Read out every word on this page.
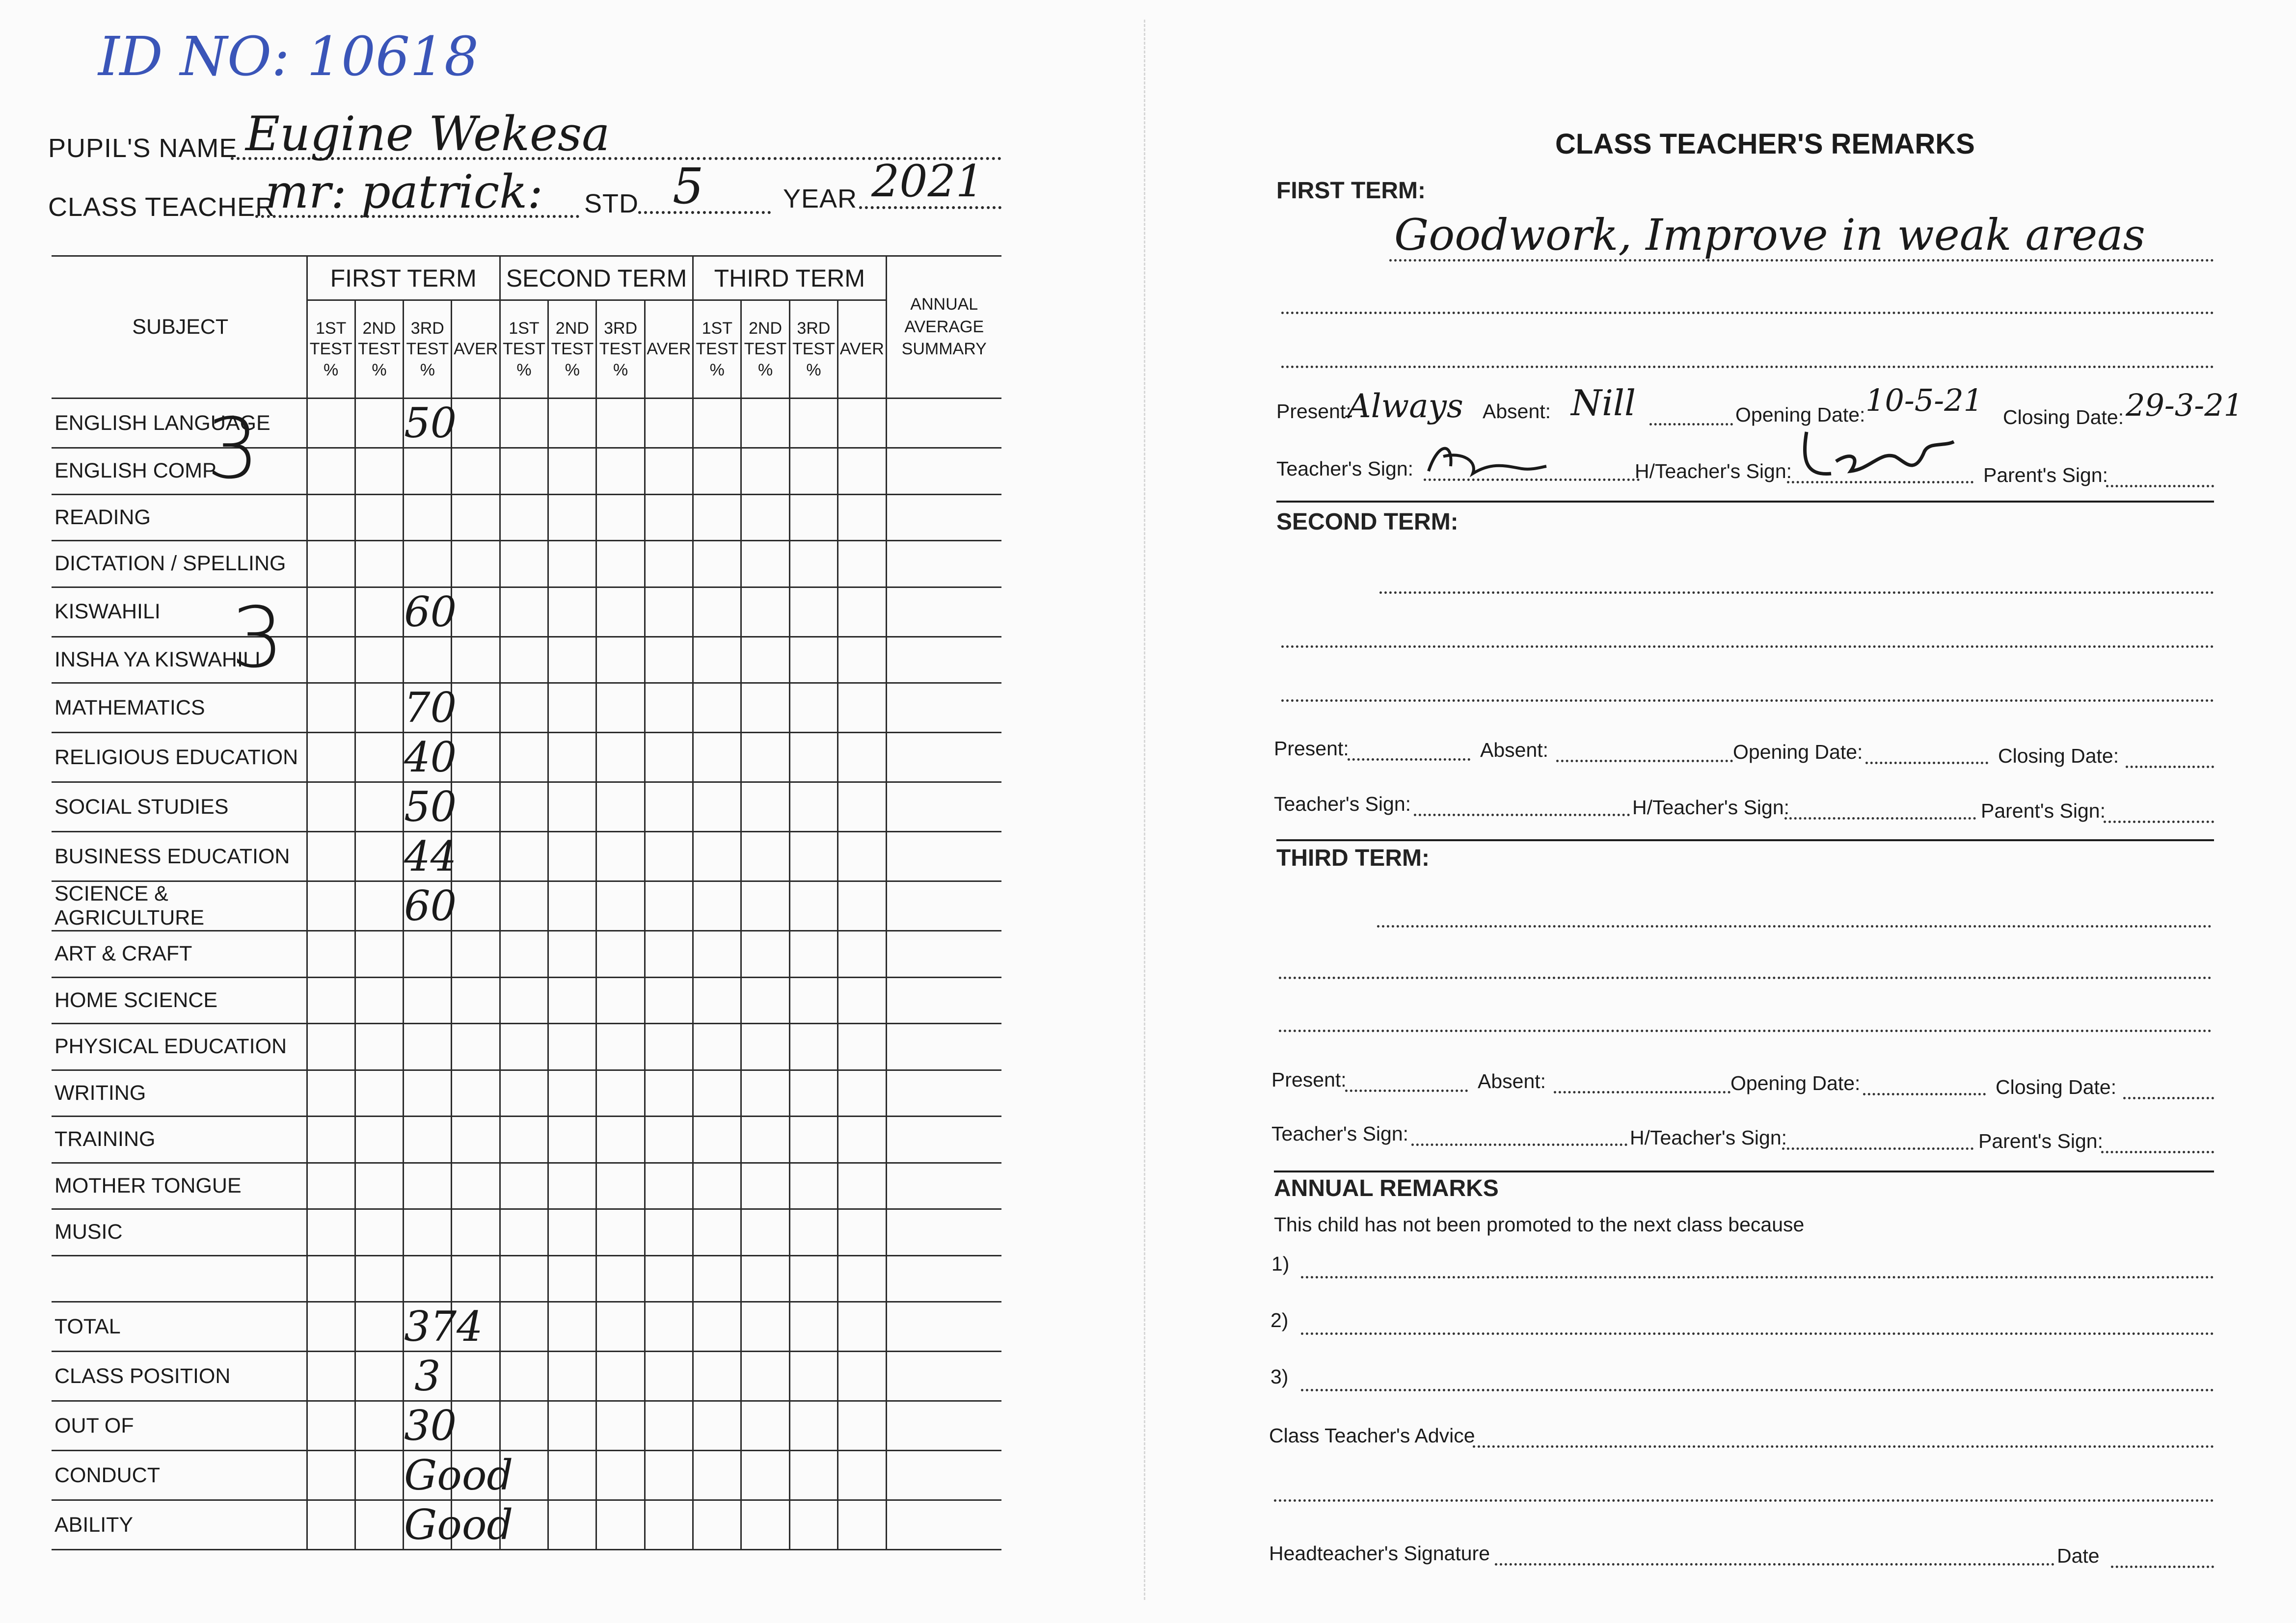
ID NO: 10618
PUPIL'S NAME Eugine Wekesa
CLASS TEACHER
mr: patrick: STD 5	YEAR 2021
SUBJECT	FIRST TERM				SECOND TERM				THIRD TERM				ANNUAL AVERAGE SUMMARY
	1ST TEST %	2ND TEST %	3RD TEST %	AVER	1ST TEST %	2ND TEST %	3RD TEST %	AVER	1ST TEST %	2ND TEST %	3RD TEST %	AVER	
ENGLISH LANGUAGE			50										
ENGLISH COMP													
READING													
DICTATION / SPELLING													
KISWAHILI			60										
INSHA YA KISWAHILI													
MATHEMATICS			70										
RELIGIOUS EDUCATION			40										
SOCIAL STUDIES			50										
BUSINESS EDUCATION			44										
SCIENCE & AGRICULTURE			60										
ART & CRAFT													
HOME SCIENCE													
PHYSICAL EDUCATION													
WRITING													
TRAINING													
MOTHER TONGUE													
MUSIC													

TOTAL			374										
CLASS POSITION			3										
OUT OF			30										
CONDUCT			Good										
ABILITY			Good										
3
3
CLASS TEACHER'S REMARKS
FIRST TERM:
Goodwork, Improve in weak areas
Present:
Always Absent: Nill	Opening Date: 10-5-21 Closing Date: 29-3-21
Teacher's Sign:	H/Teacher's Sign:	Parent's Sign:
SECOND TERM:
Present:	Absent:	Opening Date:	Closing Date:
Teacher's Sign:	H/Teacher's Sign:	Parent's Sign:
THIRD TERM:
Present:	Absent:	Opening Date:	Closing Date:
Teacher's Sign:	H/Teacher's Sign:	Parent's Sign:
ANNUAL REMARKS
This child has not been promoted to the next class because
1)
2)
3)
Class Teacher's Advice
Headteacher's Signature	Date
